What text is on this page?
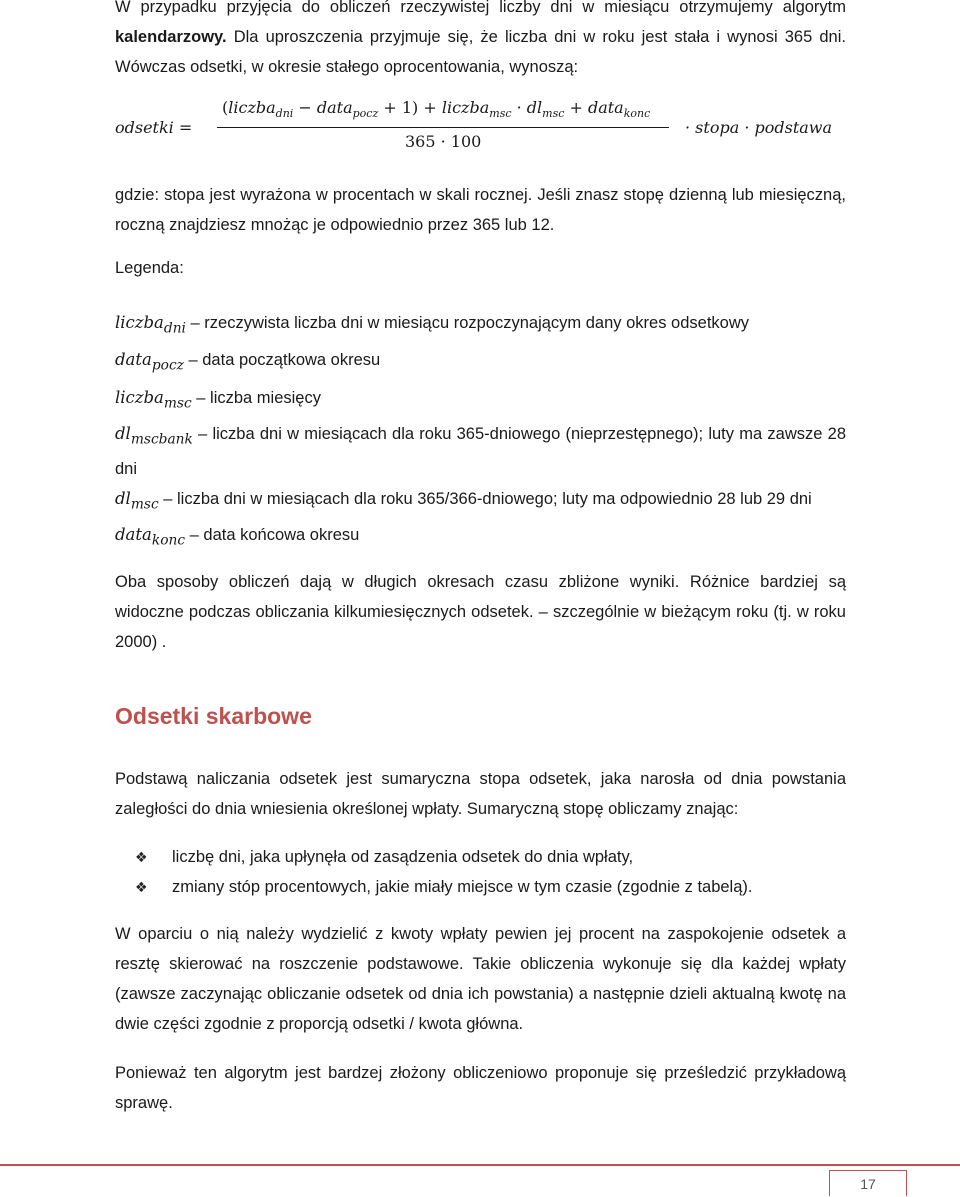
W przypadku przyjęcia do obliczeń rzeczywistej liczby dni w miesiącu otrzymujemy algorytm kalendarzowy. Dla uproszczenia przyjmuje się, że liczba dni w roku jest stała i wynosi 365 dni. Wówczas odsetki, w okresie stałego oprocentowania, wynoszą:

odsetki =
(liczba$_{dni}$ − data$_{pocz}$ + 1) + liczba$_{msc}$ · $dl_{msc}$ + data$_{konc}$
365 · 100
· stopa · podstawa

gdzie: stopa jest wyrażona w procentach w skali rocznej. Jeśli znasz stopę dzienną lub miesięczną, roczną znajdziesz mnożąc je odpowiednio przez 365 lub 12.

Legenda:

liczba$_{dni}$ – rzeczywista liczba dni w miesiącu rozpoczynającym dany okres odsetkowy

data$_{pocz}$ – data początkowa okresu

liczba$_{msc}$ – liczba miesięcy

$dl_{mscbank}$ – liczba dni w miesiącach dla roku 365-dniowego (nieprzestępnego); luty ma zawsze 28 dni

$dl_{msc}$ – liczba dni w miesiącach dla roku 365/366-dniowego; luty ma odpowiednio 28 lub 29 dni

data$_{konc}$ – data końcowa okresu

Oba sposoby obliczeń dają w długich okresach czasu zbliżone wyniki. Różnice bardziej są widoczne podczas obliczania kilkumiesięcznych odsetek. – szczególnie w bieżącym roku (tj. w roku 2000) .

Odsetki skarbowe

Podstawą naliczania odsetek jest sumaryczna stopa odsetek, jaka narosła od dnia powstania zaległości do dnia wniesienia określonej wpłaty. Sumaryczną stopę obliczamy znając:

❖ liczbę dni, jaka upłynęła od zasądzenia odsetek do dnia wpłaty,
❖ zmiany stóp procentowych, jakie miały miejsce w tym czasie (zgodnie z tabelą).

W oparciu o nią należy wydzielić z kwoty wpłaty pewien jej procent na zaspokojenie odsetek a resztę skierować na roszczenie podstawowe. Takie obliczenia wykonuje się dla każdej wpłaty (zawsze zaczynając obliczanie odsetek od dnia ich powstania) a następnie dzieli aktualną kwotę na dwie części zgodnie z proporcją odsetki / kwota główna.

Ponieważ ten algorytm jest bardzej złożony obliczeniowo proponuje się prześledzić przykładową sprawę.

17
